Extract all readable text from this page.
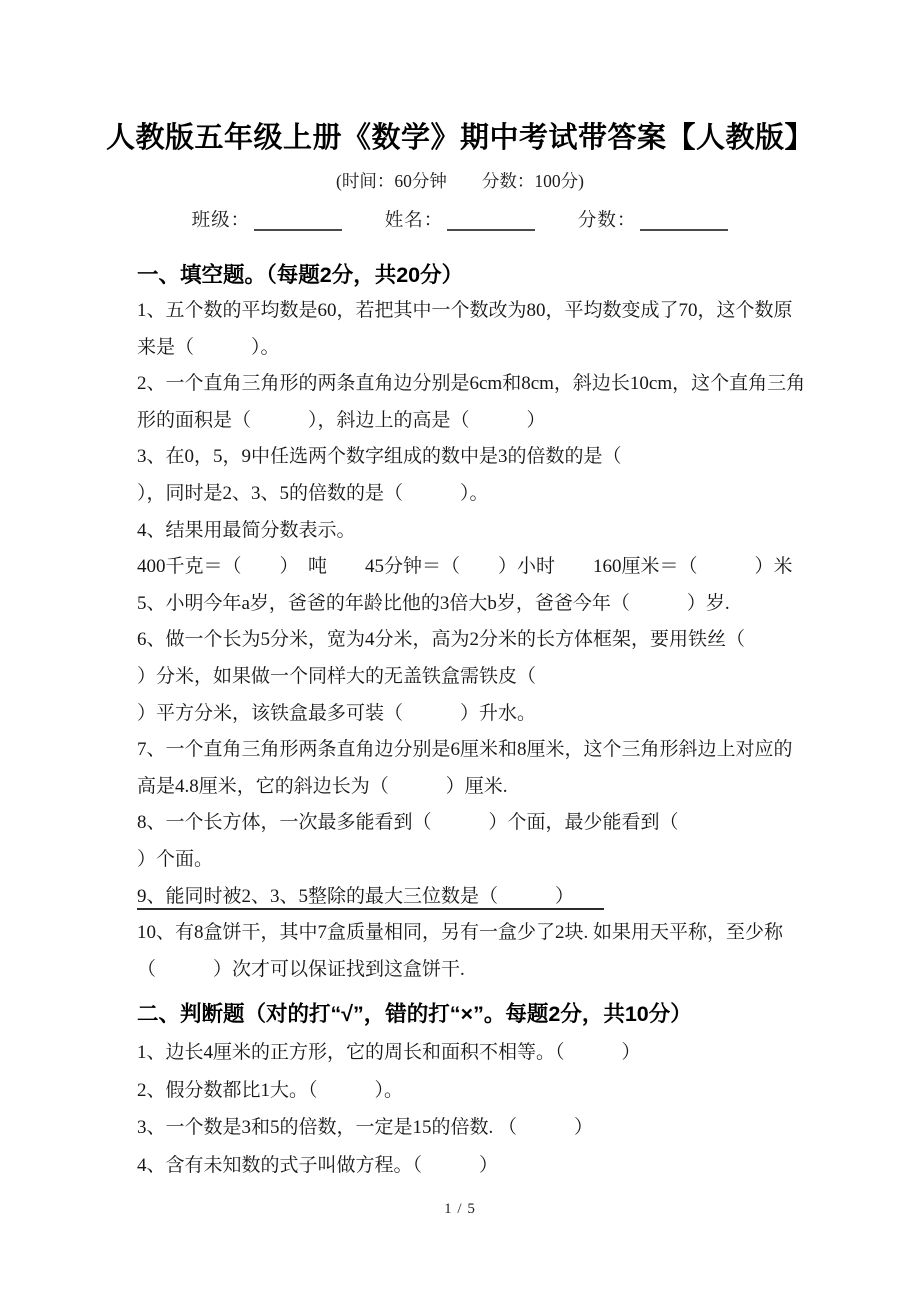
人教版五年级上册《数学》期中考试带答案【人教版】
(时间：60分钟　　分数：100分)
班级：	姓名：	分数：
一、填空题。（每题2分，共20分）
1、五个数的平均数是60，若把其中一个数改为80，平均数变成了70，这个数原
来是（　　　）。
2、一个直角三角形的两条直角边分别是6cm和8cm，斜边长10cm，这个直角三角
形的面积是（　　　），斜边上的高是（　　　）
3、在0，5，9中任选两个数字组成的数中是3的倍数的是（
），同时是2、3、5的倍数的是（　　　）。
4、结果用最简分数表示。
400千克＝（　　）　吨　　45分钟＝（　　）小时　　160厘米＝（　　　）米
5、小明今年a岁，爸爸的年龄比他的3倍大b岁，爸爸今年（　　　）岁.
6、做一个长为5分米，宽为4分米，高为2分米的长方体框架，要用铁丝（
）分米，如果做一个同样大的无盖铁盒需铁皮（
）平方分米，该铁盒最多可装（　　　）升水。
7、一个直角三角形两条直角边分别是6厘米和8厘米，这个三角形斜边上对应的
高是4.8厘米，它的斜边长为（　　　）厘米.
8、一个长方体，一次最多能看到（　　　）个面，最少能看到（
）个面。
9、能同时被2、3、5整除的最大三位数是（　　　）
10、有8盒饼干，其中7盒质量相同，另有一盒少了2块. 如果用天平称，至少称
（　　　）次才可以保证找到这盒饼干.
二、判断题（对的打“√”，错的打“×”。每题2分，共10分）
1、边长4厘米的正方形，它的周长和面积不相等。（　　　）
2、假分数都比1大。（　　　）。
3、一个数是3和5的倍数，一定是15的倍数. （　　　）
4、含有未知数的式子叫做方程。（　　　）
1 / 5
